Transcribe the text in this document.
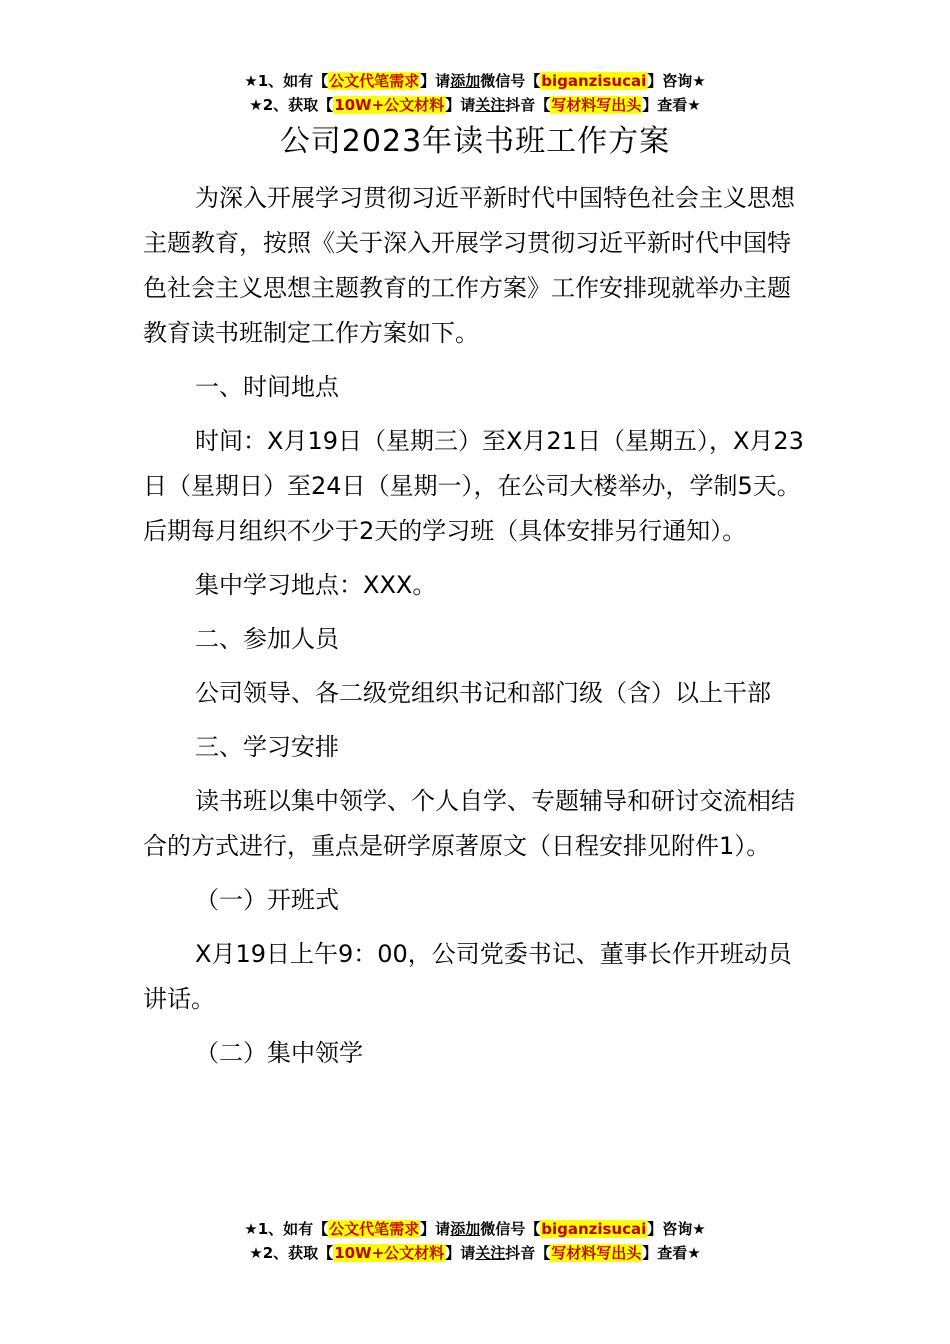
★1、如有【公文代笔需求】请添加微信号【biganzisucai】咨询★
★2、获取【10W+公文材料】请关注抖音【写材料写出头】查看★
公司2023年读书班工作方案

为深入开展学习贯彻习近平新时代中国特色社会主义思想主题教育，按照《关于深入开展学习贯彻习近平新时代中国特色社会主义思想主题教育的工作方案》工作安排现就举办主题教育读书班制定工作方案如下。

一、时间地点

时间：X月19日（星期三）至X月21日（星期五），X月23日（星期日）至24日（星期一），在公司大楼举办，学制5天。后期每月组织不少于2天的学习班（具体安排另行通知）。

集中学习地点：XXX。

二、参加人员

公司领导、各二级党组织书记和部门级（含）以上干部

三、学习安排

读书班以集中领学、个人自学、专题辅导和研讨交流相结合的方式进行，重点是研学原著原文（日程安排见附件1）。

（一）开班式

X月19日上午9：00，公司党委书记、董事长作开班动员讲话。

（二）集中领学

★1、如有【公文代笔需求】请添加微信号【biganzisucai】咨询★
★2、获取【10W+公文材料】请关注抖音【写材料写出头】查看★
